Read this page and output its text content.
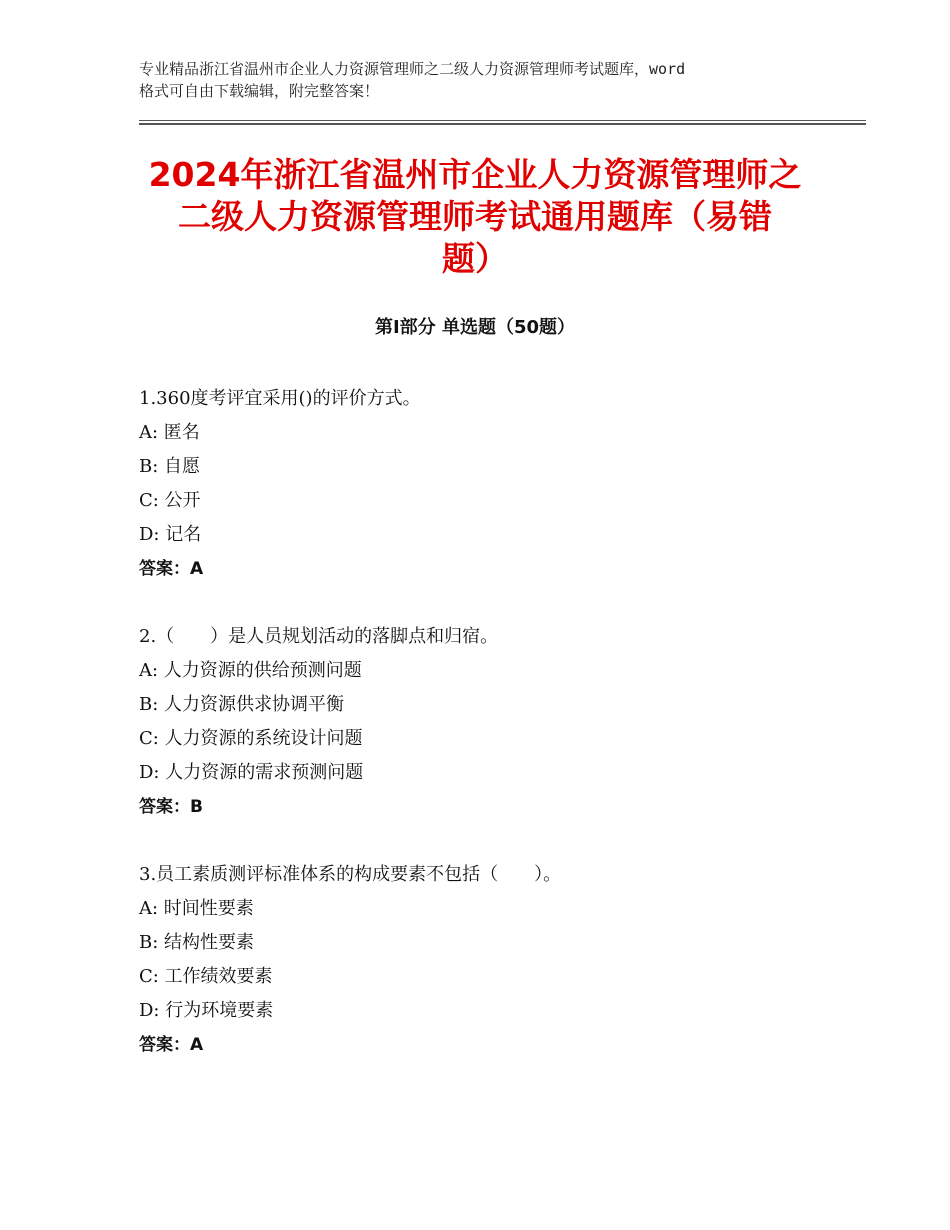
专业精品浙江省温州市企业人力资源管理师之二级人力资源管理师考试题库，word
格式可自由下载编辑，附完整答案！
2024年浙江省温州市企业人力资源管理师之
二级人力资源管理师考试通用题库（易错
题）
第Ⅰ部分 单选题（50题）
1.360度考评宜采用()的评价方式。
A: 匿名
B: 自愿
C: 公开
D: 记名
答案：A
2.（　　）是人员规划活动的落脚点和归宿。
A: 人力资源的供给预测问题
B: 人力资源供求协调平衡
C: 人力资源的系统设计问题
D: 人力资源的需求预测问题
答案：B
3.员工素质测评标准体系的构成要素不包括（　　）。
A: 时间性要素
B: 结构性要素
C: 工作绩效要素
D: 行为环境要素
答案：A
